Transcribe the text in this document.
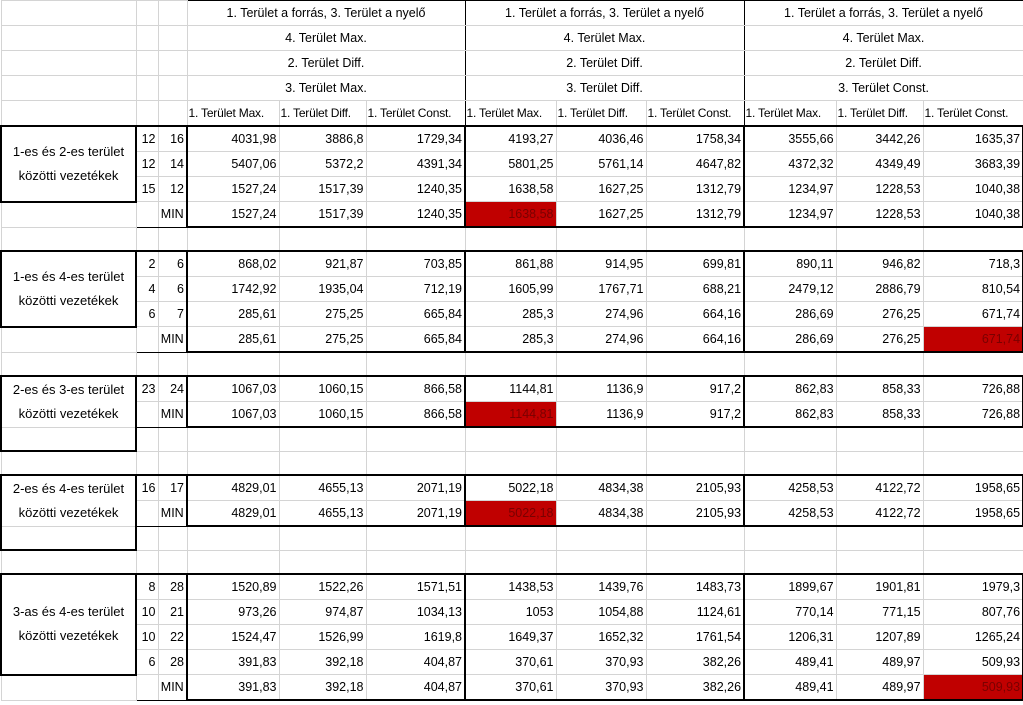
			1. Terület a forrás, 3. Terület a nyelő			1. Terület a forrás, 3. Terület a nyelő			1. Terület a forrás, 3. Terület a nyelő		
			4. Terület Max.			4. Terület Max.			4. Terület Max.		
			2. Terület Diff.			2. Terület Diff.			2. Terület Diff.		
			3. Terület Max.			3. Terület Diff.			3. Terület Const.		
			1. Terület Max.	1. Terület Diff.	1. Terület Const.	1. Terület Max.	1. Terület Diff.	1. Terület Const.	1. Terület Max.	1. Terület Diff.	1. Terület Const.
1-es és 2-es terület közötti vezetékek	12	16	4031,98	3886,8	1729,34	4193,27	4036,46	1758,34	3555,66	3442,26	1635,37
	12	14	5407,06	5372,2	4391,34	5801,25	5761,14	4647,82	4372,32	4349,49	3683,39
	15	12	1527,24	1517,39	1240,35	1638,58	1627,25	1312,79	1234,97	1228,53	1040,38
		MIN	1527,24	1517,39	1240,35	1638,58	1627,25	1312,79	1234,97	1228,53	1040,38

1-es és 4-es terület közötti vezetékek	2	6	868,02	921,87	703,85	861,88	914,95	699,81	890,11	946,82	718,3
	4	6	1742,92	1935,04	712,19	1605,99	1767,71	688,21	2479,12	2886,79	810,54
	6	7	285,61	275,25	665,84	285,3	274,96	664,16	286,69	276,25	671,74
		MIN	285,61	275,25	665,84	285,3	274,96	664,16	286,69	276,25	671,74

2-es és 3-es terület közötti vezetékek	23	24	1067,03	1060,15	866,58	1144,81	1136,9	917,2	862,83	858,33	726,88
		MIN	1067,03	1060,15	866,58	1144,81	1136,9	917,2	862,83	858,33	726,88

2-es és 4-es terület közötti vezetékek	16	17	4829,01	4655,13	2071,19	5022,18	4834,38	2105,93	4258,53	4122,72	1958,65
		MIN	4829,01	4655,13	2071,19	5022,18	4834,38	2105,93	4258,53	4122,72	1958,65

3-as és 4-es terület közötti vezetékek	8	28	1520,89	1522,26	1571,51	1438,53	1439,76	1483,73	1899,67	1901,81	1979,3
	10	21	973,26	974,87	1034,13	1053	1054,88	1124,61	770,14	771,15	807,76
	10	22	1524,47	1526,99	1619,8	1649,37	1652,32	1761,54	1206,31	1207,89	1265,24
	6	28	391,83	392,18	404,87	370,61	370,93	382,26	489,41	489,97	509,93
		MIN	391,83	392,18	404,87	370,61	370,93	382,26	489,41	489,97	509,93
